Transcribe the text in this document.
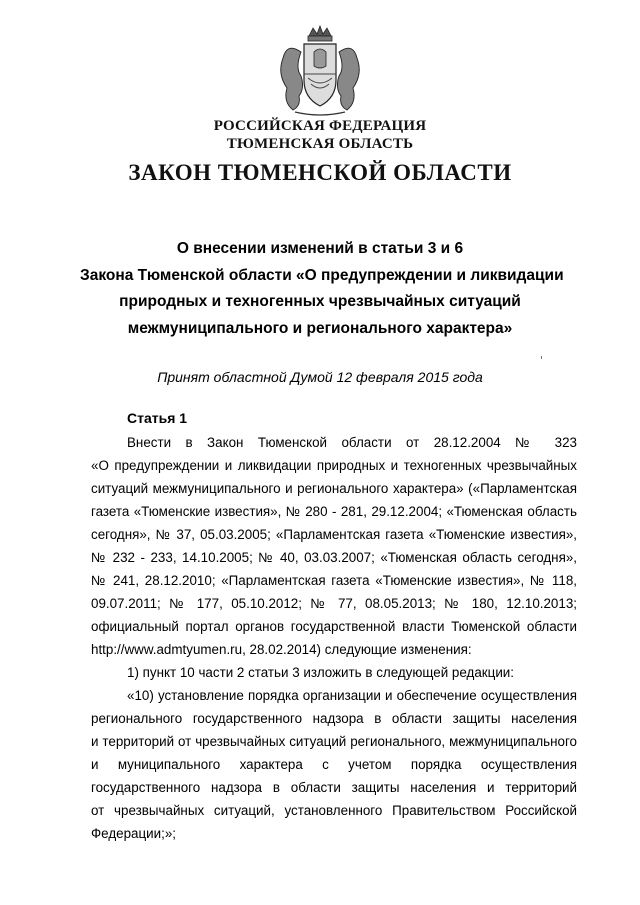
РОССИЙСКАЯ ФЕДЕРАЦИЯ
ТЮМЕНСКАЯ ОБЛАСТЬ
ЗАКОН ТЮМЕНСКОЙ ОБЛАСТИ
О внесении изменений в статьи 3 и 6
Закона Тюменской области «О предупреждении и ликвидации
природных и техногенных чрезвычайных ситуаций
межмуниципального и регионального характера»
Принят областной Думой 12 февраля 2015 года
Статья 1
Внести в Закон Тюменской области от 28.12.2004 № 323
«О предупреждении и ликвидации природных и техногенных чрезвычайных
ситуаций межмуниципального и регионального характера» («Парламентская
газета «Тюменские известия», № 280 - 281, 29.12.2004; «Тюменская область
сегодня», № 37, 05.03.2005; «Парламентская газета «Тюменские известия»,
№ 232 - 233, 14.10.2005; № 40, 03.03.2007; «Тюменская область сегодня»,
№ 241, 28.12.2010; «Парламентская газета «Тюменские известия», № 118,
09.07.2011; № 177, 05.10.2012; № 77, 08.05.2013; № 180, 12.10.2013;
официальный портал органов государственной власти Тюменской области
http://www.admtyumen.ru, 28.02.2014) следующие изменения:
1) пункт 10 части 2 статьи 3 изложить в следующей редакции:
«10) установление порядка организации и обеспечение осуществления
регионального государственного надзора в области защиты населения
и территорий от чрезвычайных ситуаций регионального, межмуниципального
и муниципального характера с учетом порядка осуществления
государственного надзора в области защиты населения и территорий
от чрезвычайных ситуаций, установленного Правительством Российской
Федерации;»;
